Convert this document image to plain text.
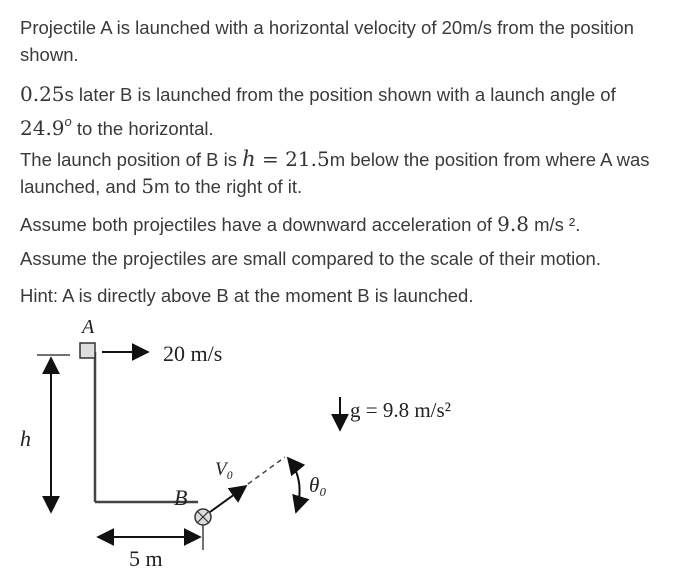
Projectile A is launched with a horizontal velocity of 20m/s from the position shown.

0.25s later B is launched from the position shown with a launch angle of
24.9$^o$ to the horizontal.

The launch position of B is h = 21.5m below the position from where A was launched, and 5m to the right of it.

Assume both projectiles have a downward acceleration of 9.8 m/s ².

Assume the projectiles are small compared to the scale of their motion.

Hint: A is directly above B at the moment B is launched.

A
20 m/s
h
g = 9.8 m/s²
B
V₀
θ₀
5 m
